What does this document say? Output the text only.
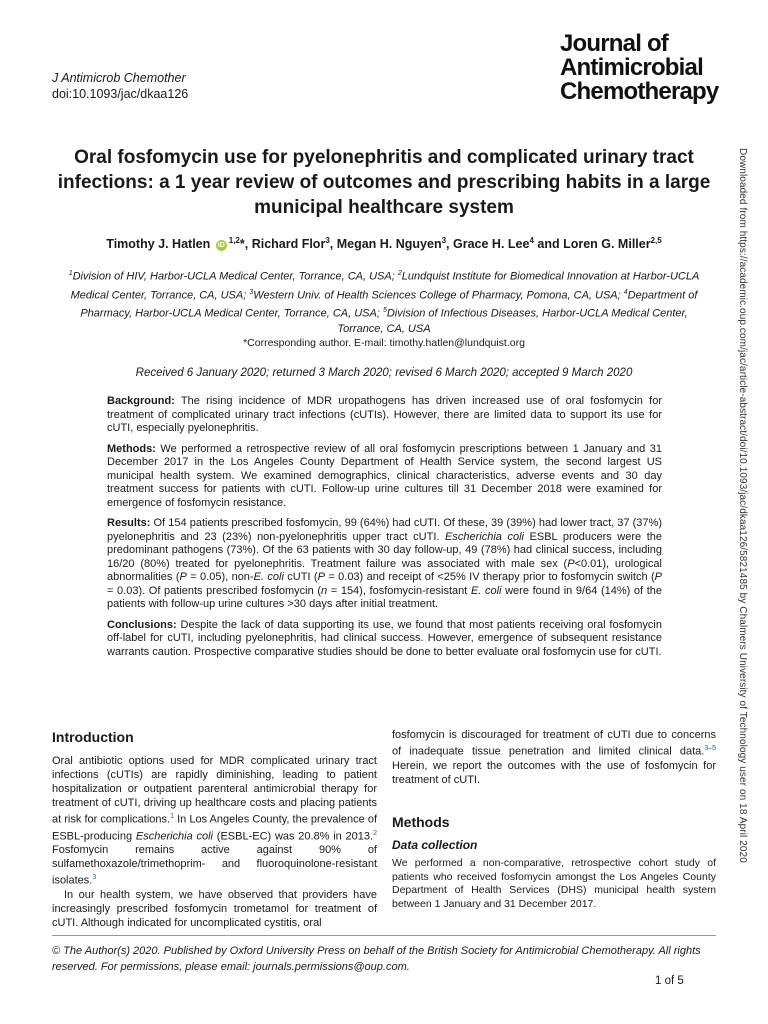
J Antimicrob Chemother
doi:10.1093/jac/dkaa126
Journal of
Antimicrobial
Chemotherapy
Downloaded from https://academic.oup.com/jac/article-abstract/doi/10.1093/jac/dkaa126/5821485 by Chalmers University of Technology user on 18 April 2020
Oral fosfomycin use for pyelonephritis and complicated urinary tract infections: a 1 year review of outcomes and prescribing habits in a large municipal healthcare system
Timothy J. Hatlen iD$^{1,2}$*, Richard Flor$^3$, Megan H. Nguyen$^3$, Grace H. Lee$^4$ and Loren G. Miller$^{2,5}$
$^1$Division of HIV, Harbor-UCLA Medical Center, Torrance, CA, USA; $^2$Lundquist Institute for Biomedical Innovation at Harbor-UCLA Medical Center, Torrance, CA, USA; $^3$Western Univ. of Health Sciences College of Pharmacy, Pomona, CA, USA; $^4$Department of Pharmacy, Harbor-UCLA Medical Center, Torrance, CA, USA; $^5$Division of Infectious Diseases, Harbor-UCLA Medical Center, Torrance, CA, USA
*Corresponding author. E-mail: timothy.hatlen@lundquist.org
Received 6 January 2020; returned 3 March 2020; revised 6 March 2020; accepted 9 March 2020

Background: The rising incidence of MDR uropathogens has driven increased use of oral fosfomycin for treatment of complicated urinary tract infections (cUTIs). However, there are limited data to support its use for cUTI, especially pyelonephritis.

Methods: We performed a retrospective review of all oral fosfomycin prescriptions between 1 January and 31 December 2017 in the Los Angeles County Department of Health Service system, the second largest US municipal health system. We examined demographics, clinical characteristics, adverse events and 30 day treatment success for patients with cUTI. Follow-up urine cultures till 31 December 2018 were examined for emergence of fosfomycin resistance.

Results: Of 154 patients prescribed fosfomycin, 99 (64%) had cUTI. Of these, 39 (39%) had lower tract, 37 (37%) pyelonephritis and 23 (23%) non-pyelonephritis upper tract cUTI. Escherichia coli ESBL producers were the predominant pathogens (73%). Of the 63 patients with 30 day follow-up, 49 (78%) had clinical success, including 16/20 (80%) treated for pyelonephritis. Treatment failure was associated with male sex (P<0.01), urological abnormalities (P = 0.05), non-E. coli cUTI (P = 0.03) and receipt of <25% IV therapy prior to fosfomycin switch (P = 0.03). Of patients prescribed fosfomycin (n = 154), fosfomycin-resistant E. coli were found in 9/64 (14%) of the patients with follow-up urine cultures >30 days after initial treatment.

Conclusions: Despite the lack of data supporting its use, we found that most patients receiving oral fosfomycin off-label for cUTI, including pyelonephritis, had clinical success. However, emergence of subsequent resistance warrants caution. Prospective comparative studies should be done to better evaluate oral fosfomycin use for cUTI.

Introduction

Oral antibiotic options used for MDR complicated urinary tract infections (cUTIs) are rapidly diminishing, leading to patient hospitalization or outpatient parenteral antimicrobial therapy for treatment of cUTI, driving up healthcare costs and placing patients at risk for complications.$^1$ In Los Angeles County, the prevalence of ESBL-producing Escherichia coli (ESBL-EC) was 20.8% in 2013.$^2$ Fosfomycin remains active against 90% of sulfamethoxazole/trimethoprim- and fluoroquinolone-resistant isolates.$^3$

In our health system, we have observed that providers have increasingly prescribed fosfomycin trometamol for treatment of cUTI. Although indicated for uncomplicated cystitis, oral

fosfomycin is discouraged for treatment of cUTI due to concerns of inadequate tissue penetration and limited clinical data.$^{3-5}$ Herein, we report the outcomes with the use of fosfomycin for treatment of cUTI.

Methods
Data collection
We performed a non-comparative, retrospective cohort study of patients who received fosfomycin amongst the Los Angeles County Department of Health Services (DHS) municipal health system between 1 January and 31 December 2017.
© The Author(s) 2020. Published by Oxford University Press on behalf of the British Society for Antimicrobial Chemotherapy. All rights reserved. For permissions, please email: journals.permissions@oup.com.
1 of 5
